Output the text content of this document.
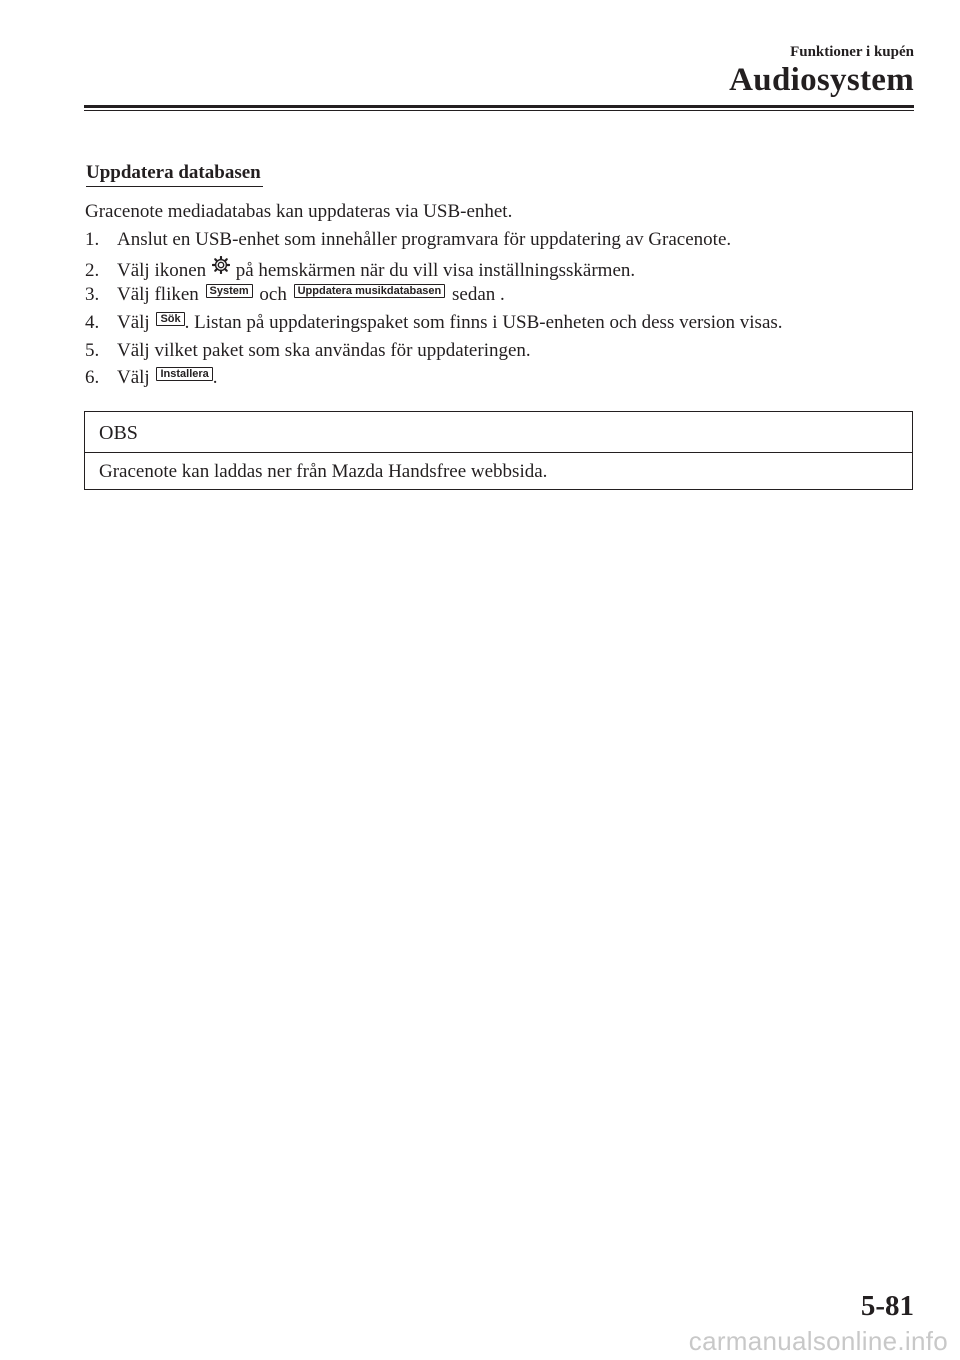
Funktioner i kupén
Audiosystem
Uppdatera databasen
Gracenote mediadatabas kan uppdateras via USB-enhet.
1. Anslut en USB-enhet som innehåller programvara för uppdatering av Gracenote.
2. Välj ikonen på hemskärmen när du vill visa inställningsskärmen.
3. Välj fliken System och Uppdatera musikdatabasen sedan .
4. Välj Sök . Listan på uppdateringspaket som finns i USB-enheten och dess version visas.
5. Välj vilket paket som ska användas för uppdateringen.
6. Välj Installera .
OBS
Gracenote kan laddas ner från Mazda Handsfree webbsida.
5-81
carmanualsonline.info
